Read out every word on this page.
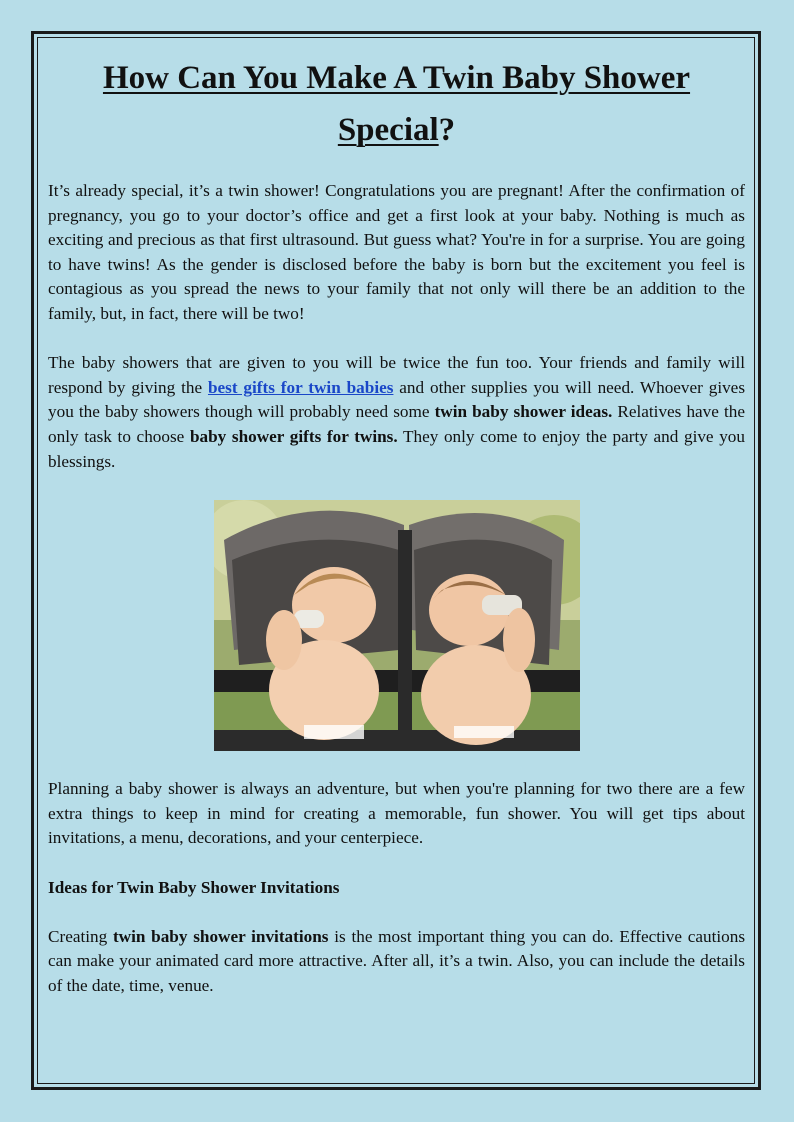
How Can You Make A Twin Baby Shower Special?

It’s already special, it’s a twin shower! Congratulations you are pregnant! After the confirmation of pregnancy, you go to your doctor’s office and get a first look at your baby. Nothing is much as exciting and precious as that first ultrasound. But guess what? You're in for a surprise. You are going to have twins! As the gender is disclosed before the baby is born but the excitement you feel is contagious as you spread the news to your family that not only will there be an addition to the family, but, in fact, there will be two!

The baby showers that are given to you will be twice the fun too. Your friends and family will respond by giving the best gifts for twin babies and other supplies you will need. Whoever gives you the baby showers though will probably need some twin baby shower ideas. Relatives have the only task to choose baby shower gifts for twins. They only come to enjoy the party and give you blessings.

Planning a baby shower is always an adventure, but when you're planning for two there are a few extra things to keep in mind for creating a memorable, fun shower. You will get tips about invitations, a menu, decorations, and your centerpiece.

Ideas for Twin Baby Shower Invitations

Creating twin baby shower invitations is the most important thing you can do. Effective cautions can make your animated card more attractive. After all, it’s a twin. Also, you can include the details of the date, time, venue.
